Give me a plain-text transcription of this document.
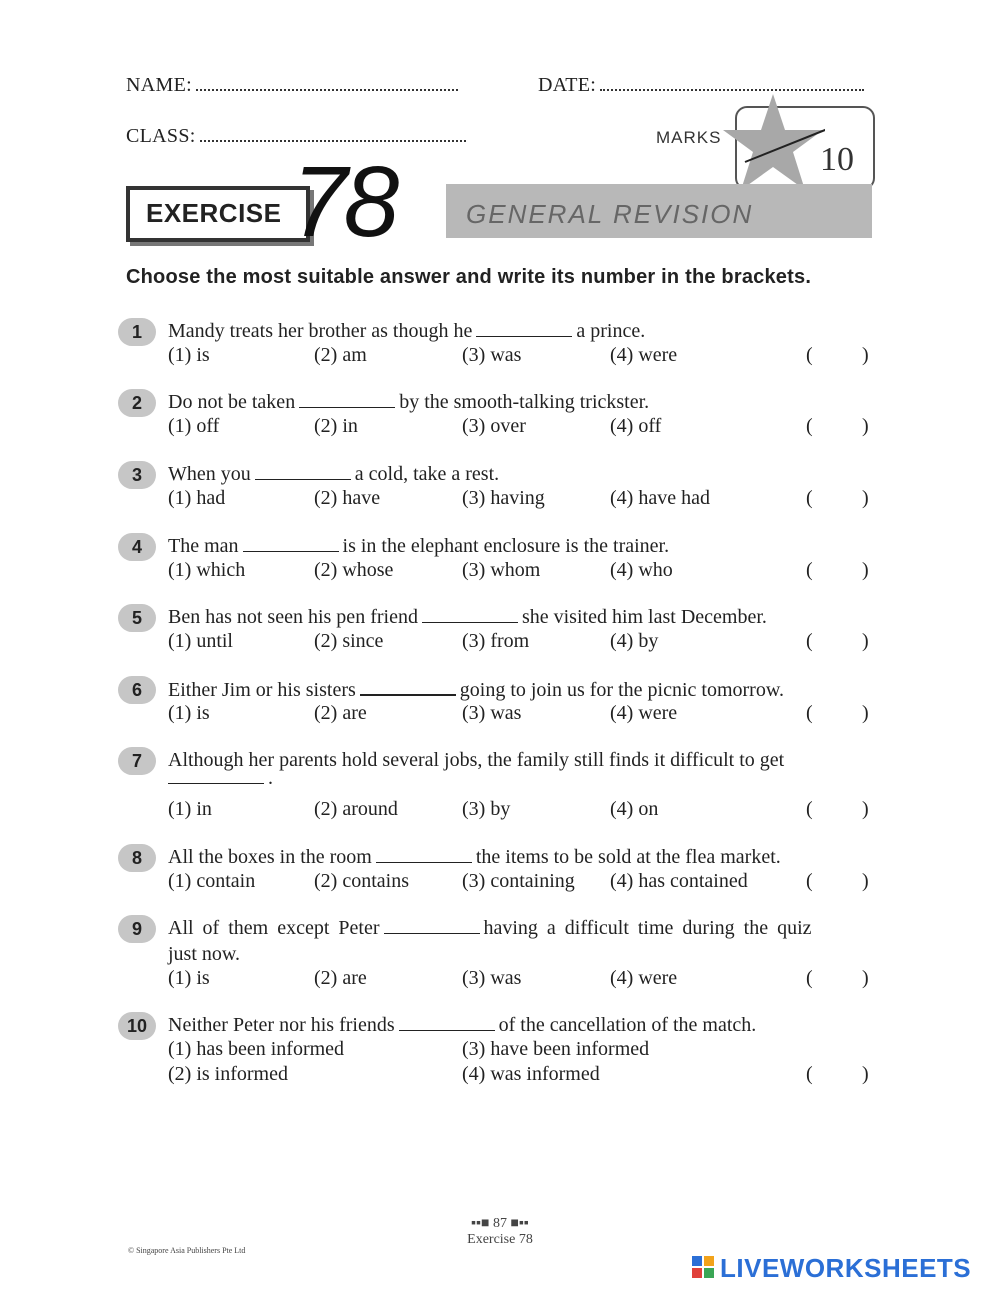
NAME:	DATE:
CLASS:	MARKS
10
EXERCISE 78	GENERAL REVISION
Choose the most suitable answer and write its number in the brackets.
1	Mandy treats her brother as though he	a prince.
(1) is	(2) am	(3) was	(4) were	( )
2	Do not be taken	by the smooth-talking trickster.
(1) off	(2) in	(3) over	(4) off	( )
3	When you	a cold, take a rest.
(1) had	(2) have	(3) having	(4) have had	( )
4	The man	is in the elephant enclosure is the trainer.
(1) which	(2) whose	(3) whom	(4) who	( )
5	Ben has not seen his pen friend	she visited him last December.
(1) until	(2) since	(3) from	(4) by	( )
6	Either Jim or his sisters	going to join us for the picnic tomorrow.
(1) is	(2) are	(3) was	(4) were	( )
7	Although her parents hold several jobs, the family still finds it difficult to get
.
(1) in	(2) around	(3) by	(4) on	( )
8	All the boxes in the room	the items to be sold at the flea market.
(1) contain	(2) contains	(3) containing (4) has contained	( )
9	All of them except Peter	having a difficult time during the quiz
just now.
(1) is	(2) are	(3) was	(4) were	( )
10	Neither Peter nor his friends	of the cancellation of the match.
(1) has been informed	(3) have been informed
(2) is informed	(4) was informed	( )
▪▪■ 87 ■▪▪
Exercise 78
© Singapore Asia Publishers Pte Ltd
LIVEWORKSHEETS
